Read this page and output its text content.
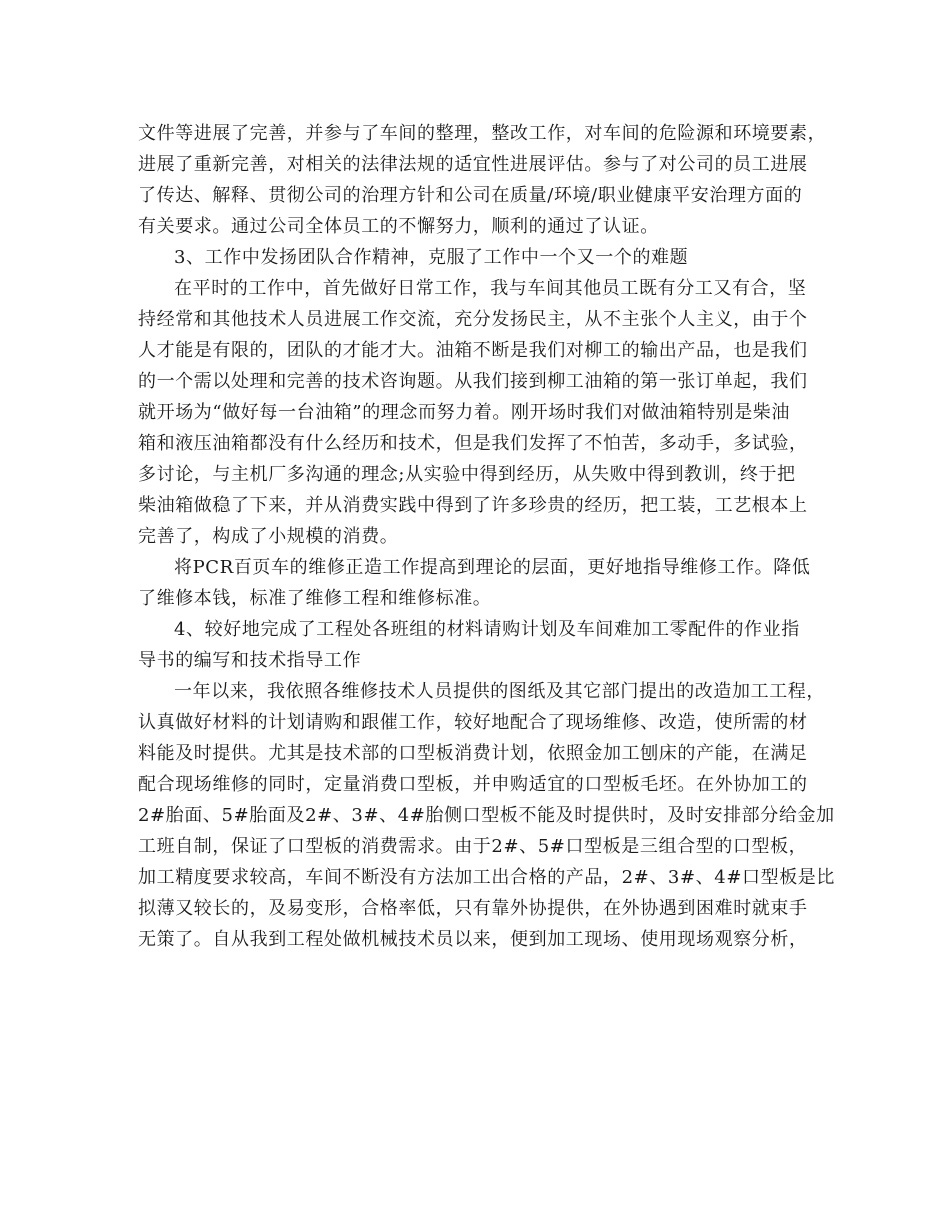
文件等进展了完善，并参与了车间的整理，整改工作，对车间的危险源和环境要素，

进展了重新完善，对相关的法律法规的适宜性进展评估。参与了对公司的员工进展

了传达、解释、贯彻公司的治理方针和公司在质量/环境/职业健康平安治理方面的

有关要求。通过公司全体员工的不懈努力，顺利的通过了认证。

3、工作中发扬团队合作精神，克服了工作中一个又一个的难题

在平时的工作中，首先做好日常工作，我与车间其他员工既有分工又有合，坚

持经常和其他技术人员进展工作交流，充分发扬民主，从不主张个人主义，由于个

人才能是有限的，团队的才能才大。油箱不断是我们对柳工的输出产品，也是我们

的一个需以处理和完善的技术咨询题。从我们接到柳工油箱的第一张订单起，我们

就开场为“做好每一台油箱”的理念而努力着。刚开场时我们对做油箱特别是柴油

箱和液压油箱都没有什么经历和技术，但是我们发挥了不怕苦，多动手，多试验，

多讨论，与主机厂多沟通的理念;从实验中得到经历，从失败中得到教训，终于把

柴油箱做稳了下来，并从消费实践中得到了许多珍贵的经历，把工装，工艺根本上

完善了，构成了小规模的消费。

将PCR百页车的维修正造工作提高到理论的层面，更好地指导维修工作。降低

了维修本钱，标准了维修工程和维修标准。

4、较好地完成了工程处各班组的材料请购计划及车间难加工零配件的作业指

导书的编写和技术指导工作

一年以来，我依照各维修技术人员提供的图纸及其它部门提出的改造加工工程，

认真做好材料的计划请购和跟催工作，较好地配合了现场维修、改造，使所需的材

料能及时提供。尤其是技术部的口型板消费计划，依照金加工刨床的产能，在满足

配合现场维修的同时，定量消费口型板，并申购适宜的口型板毛坯。在外协加工的

2#胎面、5#胎面及2#、3#、4#胎侧口型板不能及时提供时，及时安排部分给金加

工班自制，保证了口型板的消费需求。由于2#、5#口型板是三组合型的口型板，

加工精度要求较高，车间不断没有方法加工出合格的产品，2#、3#、4#口型板是比

拟薄又较长的，及易变形，合格率低，只有靠外协提供，在外协遇到困难时就束手

无策了。自从我到工程处做机械技术员以来，便到加工现场、使用现场观察分析，
